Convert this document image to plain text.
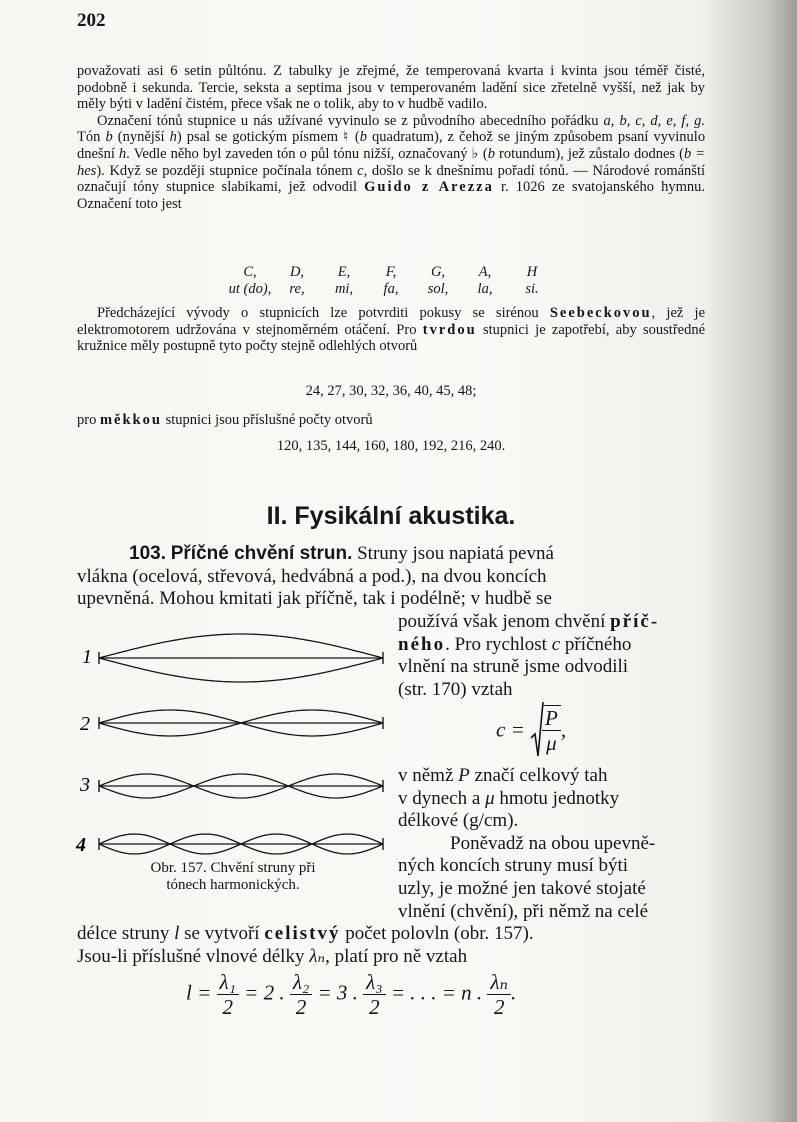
202

považovati asi 6 setin půltónu. Z tabulky je zřejmé, že temperovaná kvarta i kvinta jsou téměř čisté, podobně i sekunda. Tercie, seksta a septima jsou v temperovaném ladění sice zřetelně vyšší, než jak by měly býti v ladění čistém, přece však ne o tolik, aby to v hudbě vadilo.

Označení tónů stupnice u nás užívané vyvinulo se z původního abecedního pořádku a, b, c, d, e, f, g. Tón b (nynější h) psal se gotickým písmem ♮ (b quadratum), z čehož se jiným způsobem psaní vyvinulo dnešní h. Vedle něho byl zaveden tón o půl tónu nižší, označovaný ♭ (b rotundum), jež zůstalo dodnes (b = hes). Když se později stupnice počínala tónem c, došlo se k dnešnímu pořadí tónů. — Národové románští označují tóny stupnice slabikami, jež odvodil Guido z Arezza r. 1026 ze svatojanského hymnu. Označení toto jest

C, D, E, F, G, A, H
ut (do), re, mi, fa, sol, la, si.

Předcházející vývody o stupnicích lze potvrditi pokusy se sirénou Seebeckovou, jež je elektromotorem udržována v stejnoměrném otáčení. Pro tvrdou stupnici je zapotřebí, aby soustředné kružnice měly postupně tyto počty stejně odlehlých otvorů

24, 27, 30, 32, 36, 40, 45, 48;

pro měkkou stupnici jsou příslušné počty otvorů

120, 135, 144, 160, 180, 192, 216, 240.
II. Fysikální akustika.

103. Příčné chvění strun. Struny jsou napiatá pevná

vlákna (ocelová, střevová, hedvábná a pod.), na dvou koncích

upevněná. Mohou kmitati jak příčně, tak i podélně; v hudbě se

používá však jenom chvění příč-

ného. Pro rychlost c příčného

vlnění na struně jsme odvodili

(str. 170) vztah

$c = \frac{P}{\mu}$ ,

v němž P značí celkový tah

v dynech a μ hmotu jednotky

délkové (g/cm).

Poněvadž na obou upevně-

ných koncích struny musí býti

uzly, je možné jen takové stojaté

vlnění (chvění), při němž na celé

délce struny l se vytvoří celistvý počet polovln (obr. 157).

Jsou-li příslušné vlnové délky λₙ, platí pro ně vztah

$l = \frac{\text{λ₁}}{2} = 2$ . $\frac{\text{λ₂}}{2} = 3$ . $\frac{\text{λ₃}}{2}$ = . . . = n . $\frac{\text{λₙ}}{2}$ .
1
2
3
4
Obr. 157. Chvění struny při
tónech harmonických.
